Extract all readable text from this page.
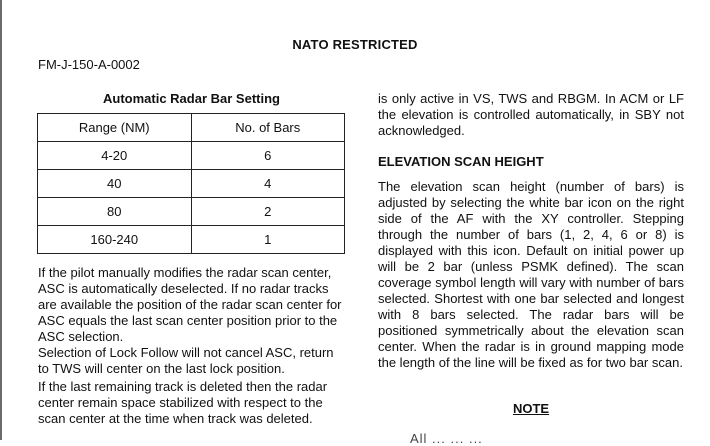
NATO RESTRICTED
FM-J-150-A-0002
Automatic Radar Bar Setting
Range (NM)	No. of Bars
4-20	6
40	4
80	2
160-240	1

If the pilot manually modifies the radar scan center, ASC is automatically deselected. If no radar tracks are available the position of the radar scan center for ASC equals the last scan center position prior to the ASC selection.

Selection of Lock Follow will not cancel ASC, return to TWS will center on the last lock position.

If the last remaining track is deleted then the radar center remain space stabilized with respect to the scan center at the time when track was deleted.

is only active in VS, TWS and RBGM. In ACM or LF the elevation is controlled automatically, in SBY not acknowledged.

ELEVATION SCAN HEIGHT

The elevation scan height (number of bars) is adjusted by selecting the white bar icon on the right side of the AF with the XY controller. Stepping through the number of bars (1, 2, 4, 6 or 8) is displayed with this icon. Default on initial power up will be 2 bar (unless PSMK defined). The scan coverage symbol length will vary with number of bars selected. Shortest with one bar selected and longest with 8 bars selected. The radar bars will be positioned symmetrically about the elevation scan center. When the radar is in ground mapping mode the length of the line will be fixed as for two bar scan.

NOTE
All ... ... ...
